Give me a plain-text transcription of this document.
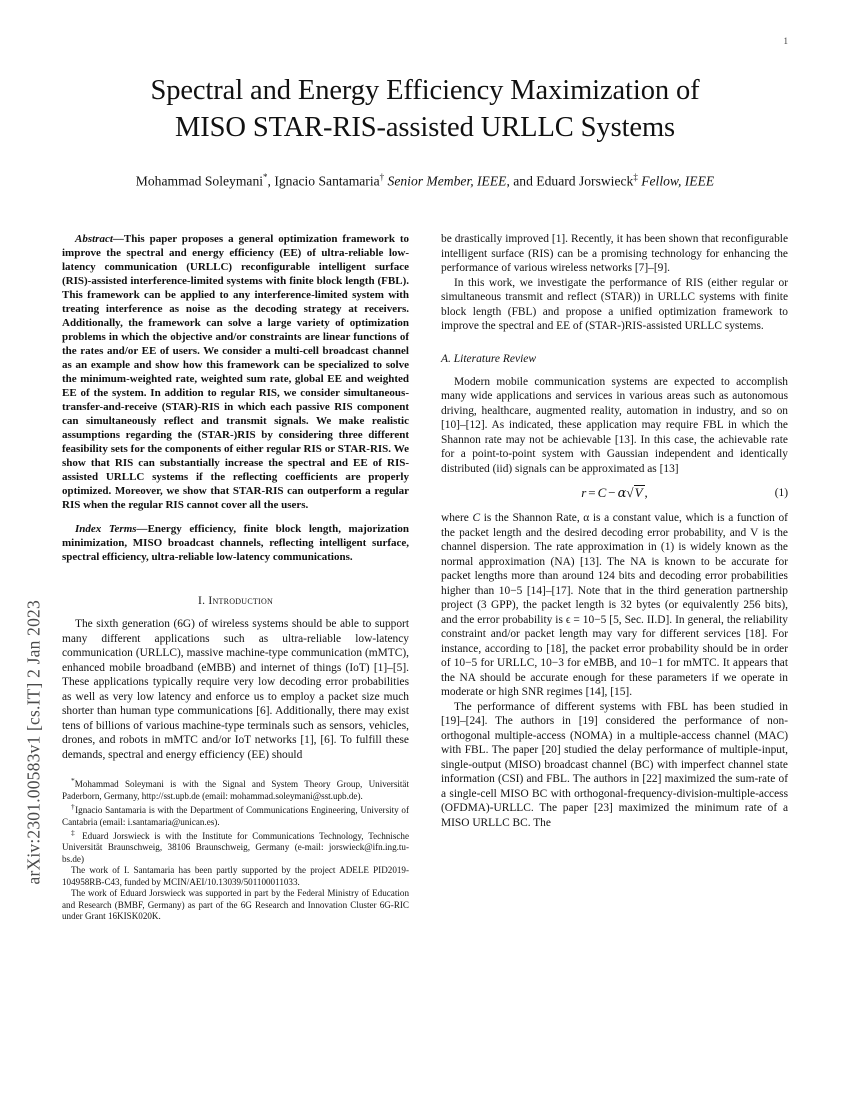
arXiv:2301.00583v1 [cs.IT] 2 Jan 2023
1
Spectral and Energy Efficiency Maximization of
MISO STAR-RIS-assisted URLLC Systems
Mohammad Soleymani*, Ignacio Santamaria† Senior Member, IEEE, and Eduard Jorswieck‡ Fellow, IEEE

Abstract—This paper proposes a general optimization framework to improve the spectral and energy efficiency (EE) of ultra-reliable low-latency communication (URLLC) reconfigurable intelligent surface (RIS)-assisted interference-limited systems with finite block length (FBL). This framework can be applied to any interference-limited system with treating interference as noise as the decoding strategy at receivers. Additionally, the framework can solve a large variety of optimization problems in which the objective and/or constraints are linear functions of the rates and/or EE of users. We consider a multi-cell broadcast channel as an example and show how this framework can be specialized to solve the minimum-weighted rate, weighted sum rate, global EE and weighted EE of the system. In addition to regular RIS, we consider simultaneous-transfer-and-receive (STAR)-RIS in which each passive RIS component can simultaneously reflect and transmit signals. We make realistic assumptions regarding the (STAR-)RIS by considering three different feasibility sets for the components of either regular RIS or STAR-RIS. We show that RIS can substantially increase the spectral and EE of RIS-assisted URLLC systems if the reflecting coefficients are properly optimized. Moreover, we show that STAR-RIS can outperform a regular RIS when the regular RIS cannot cover all the users.

Index Terms—Energy efficiency, finite block length, majorization minimization, MISO broadcast channels, reflecting intelligent surface, spectral efficiency, ultra-reliable low-latency communications.

I. Introduction

The sixth generation (6G) of wireless systems should be able to support many different applications such as ultra-reliable low-latency communication (URLLC), massive machine-type communication (mMTC), enhanced mobile broadband (eMBB) and internet of things (IoT) [1]–[5]. These applications typically require very low decoding error probabilities as well as very low latency and enforce us to employ a packet size much shorter than human type communications [6]. Additionally, there may exist tens of billions of various machine-type terminals such as sensors, vehicles, drones, and robots in mMTC and/or IoT networks [1], [6]. To fulfill these demands, spectral and energy efficiency (EE) should

*Mohammad Soleymani is with the Signal and System Theory Group, Universität Paderborn, Germany, http://sst.upb.de (email: mohammad.soleymani@sst.upb.de).

†Ignacio Santamaria is with the Department of Communications Engineering, University of Cantabria (email: i.santamaria@unican.es).

‡ Eduard Jorswieck is with the Institute for Communications Technology, Technische Universität Braunschweig, 38106 Braunschweig, Germany (e-mail: jorswieck@ifn.ing.tu-bs.de)

The work of I. Santamaria has been partly supported by the project ADELE PID2019-104958RB-C43, funded by MCIN/AEI/10.13039/501100011033.

The work of Eduard Jorswieck was supported in part by the Federal Ministry of Education and Research (BMBF, Germany) as part of the 6G Research and Innovation Cluster 6G-RIC under Grant 16KISK020K.

be drastically improved [1]. Recently, it has been shown that reconfigurable intelligent surface (RIS) can be a promising technology for enhancing the performance of various wireless networks [7]–[9].

In this work, we investigate the performance of RIS (either regular or simultaneous transmit and reflect (STAR)) in URLLC systems with finite block length (FBL) and propose a unified optimization framework to improve the spectral and EE of (STAR-)RIS-assisted URLLC systems.

A. Literature Review

Modern mobile communication systems are expected to accomplish many wide applications and services in various areas such as autonomous driving, healthcare, augmented reality, automation in industry, and so on [10]–[12]. As indicated, these application may require FBL in which the Shannon rate may not be achievable [13]. In this case, the achievable rate for a point-to-point system with Gaussian independent and identically distributed (iid) signals can be approximated as [13]

r = C − α√V ,	(1)

where C is the Shannon Rate, α is a constant value, which is a function of the packet length and the desired decoding error probability, and V is the channel dispersion. The rate approximation in (1) is widely known as the normal approximation (NA) [13]. The NA is known to be accurate for packet lengths more than around 124 bits and decoding error probabilities higher than 10−5 [14]–[17]. Note that in the third generation partnership project (3 GPP), the packet length is 32 bytes (or equivalently 256 bits), and the error probability is ϵ = 10−5 [5, Sec. II.D]. In general, the reliability constraint and/or packet length may vary for different services [18]. For instance, according to [18], the packet error probability should be in order of 10−5 for URLLC, 10−3 for eMBB, and 10−1 for mMTC. It appears that the NA should be accurate enough for these parameters if we operate in moderate or high SNR regimes [14], [15].

The performance of different systems with FBL has been studied in [19]–[24]. The authors in [19] considered the performance of non-orthogonal multiple-access (NOMA) in a multiple-access channel (MAC) with FBL. The paper [20] studied the delay performance of multiple-input, single-output (MISO) broadcast channel (BC) with imperfect channel state information (CSI) and FBL. The authors in [22] maximized the sum-rate of a single-cell MISO BC with orthogonal-frequency-division-multiple-access (OFDMA)-URLLC. The paper [23] maximized the minimum rate of a MISO URLLC BC. The
